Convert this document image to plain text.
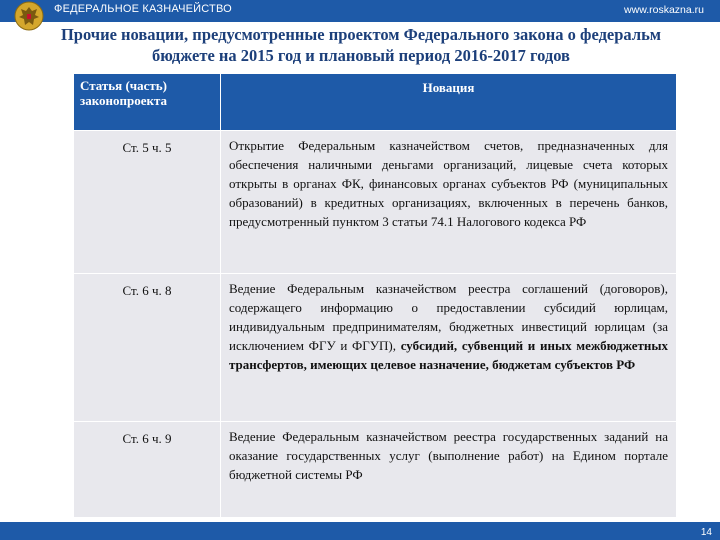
ФЕДЕРАЛЬНОЕ КАЗНАЧЕЙСТВО	www.roskazna.ru
Прочие новации, предусмотренные проектом Федерального закона о федеральм бюджете на 2015 год и плановый период 2016-2017 годов
Статья (часть) законопроекта	Новация
Ст. 5 ч. 5	Открытие Федеральным казначейством счетов, предназначенных для обеспечения наличными деньгами организаций, лицевые счета которых открыты в органах ФК, финансовых органах субъектов РФ (муниципальных образований) в кредитных организациях, включенных в перечень банков, предусмотренный пунктом 3 статьи 74.1 Налогового кодекса РФ
Ст. 6 ч. 8	Ведение Федеральным казначейством реестра соглашений (договоров), содержащего информацию о предоставлении субсидий юрлицам, индивидуальным предпринимателям, бюджетных инвестиций юрлицам (за исключением ФГУ и ФГУП), субсидий, субвенций и иных межбюджетных трансфертов, имеющих целевое назначение, бюджетам субъектов РФ
Ст. 6 ч. 9	Ведение Федеральным казначейством реестра государственных заданий на оказание государственных услуг (выполнение работ) на Едином портале бюджетной системы РФ
14
